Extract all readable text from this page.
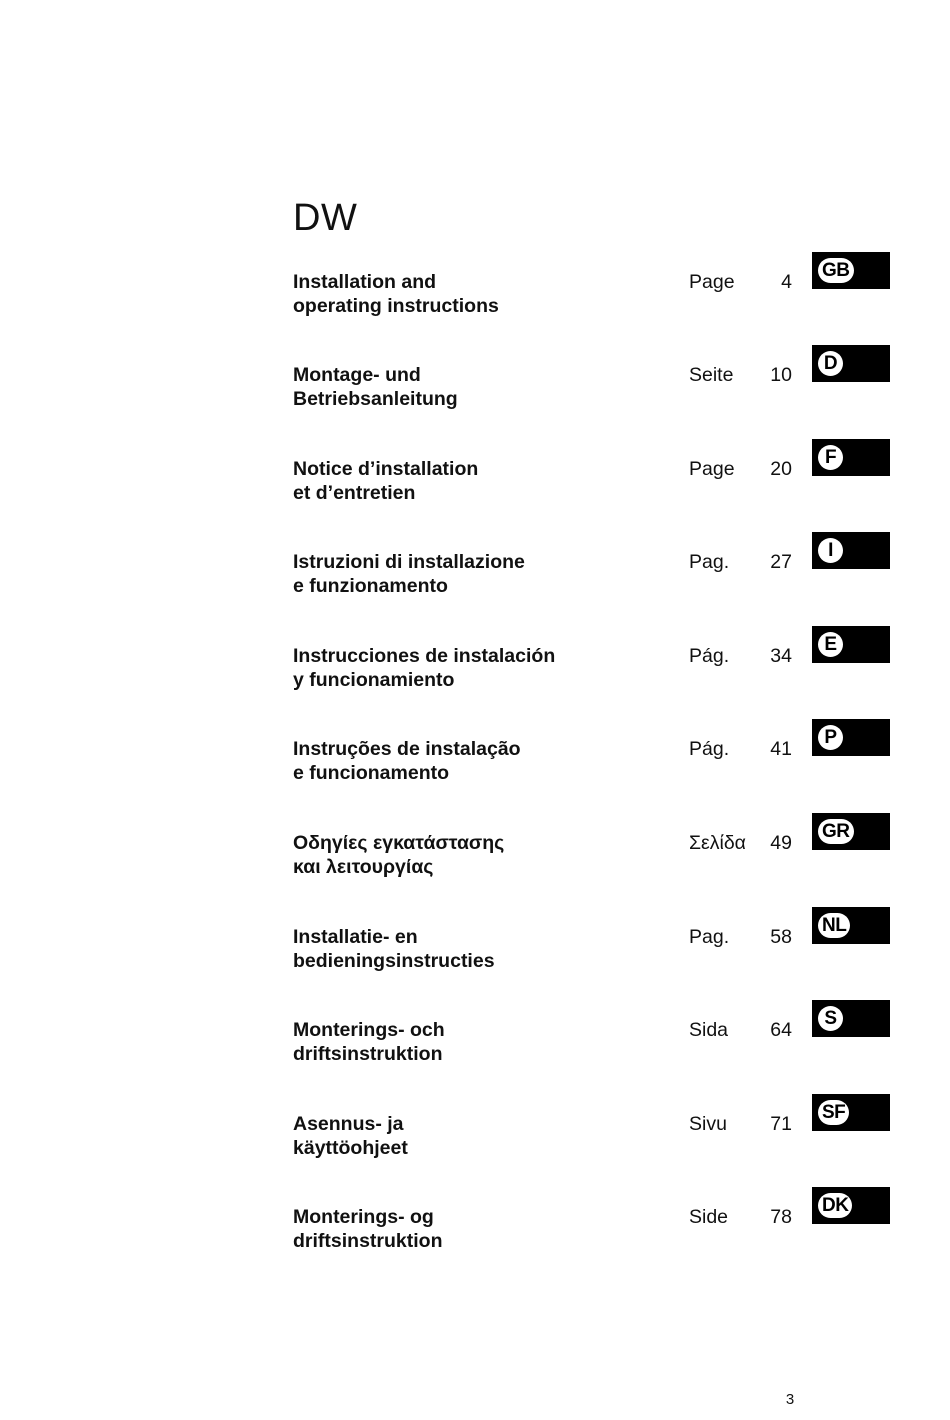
DW
Installation and
operating instructions
Page	4
GB
Montage- und
Betriebsanleitung
Seite	10
D
Notice d’installation
et d’entretien
Page	20
F
Istruzioni di installazione
e funzionamento
Pag.	27
I
Instrucciones de instalación
y funcionamiento
Pág.	34
E
Instruções de instalação
e funcionamento
Pág.	41
P
Οδηγίες εγκατάστασης
και λειτουργίας
Σελίδα	49
GR
Installatie- en
bedieningsinstructies
Pag.	58
NL
Monterings- och
driftsinstruktion
Sida	64
S
Asennus- ja
käyttöohjeet
Sivu	71
SF
Monterings- og
driftsinstruktion
Side	78
DK
3
